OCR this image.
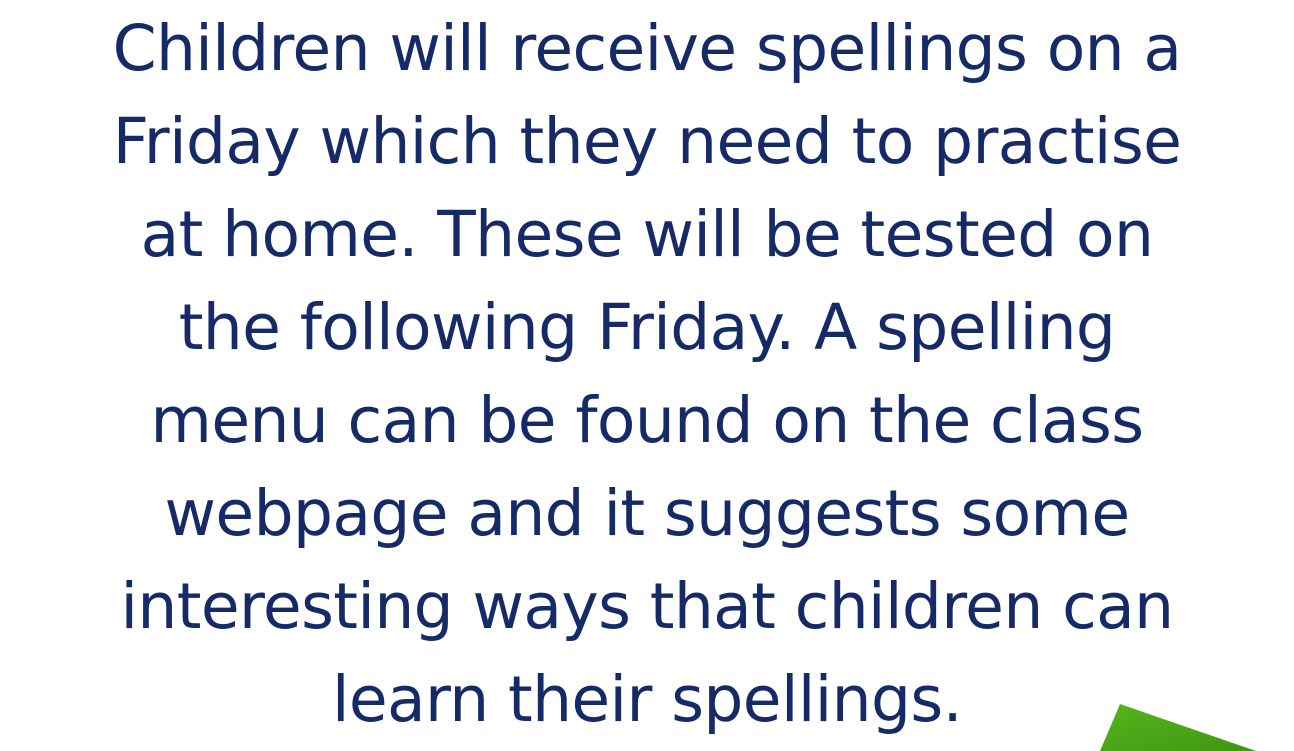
Children will receive spellings on a
Friday which they need to practise
at home. These will be tested on
the following Friday. A spelling
menu can be found on the class
webpage and it suggests some
interesting ways that children can
learn their spellings.
